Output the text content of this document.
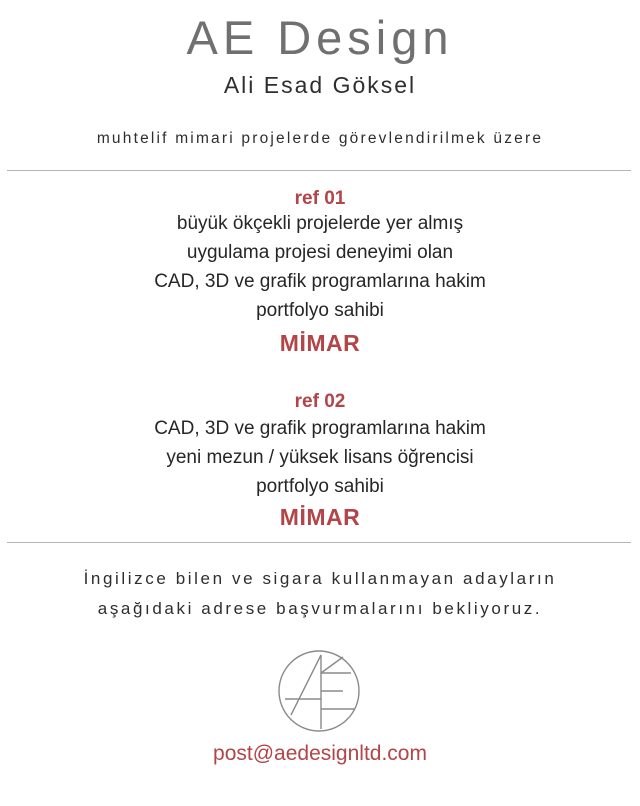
AE Design
Ali Esad Göksel
muhtelif mimari projelerde görevlendirilmek üzere
ref 01
büyük ökçekli projelerde yer almış
uygulama projesi deneyimi olan
CAD, 3D ve grafik programlarına hakim
portfolyo sahibi
MİMAR
ref 02
CAD, 3D ve grafik programlarına hakim
yeni mezun / yüksek lisans öğrencisi
portfolyo sahibi
MİMAR
İngilizce bilen ve sigara kullanmayan adayların
aşağıdaki adrese başvurmalarını bekliyoruz.
post@aedesignltd.com
